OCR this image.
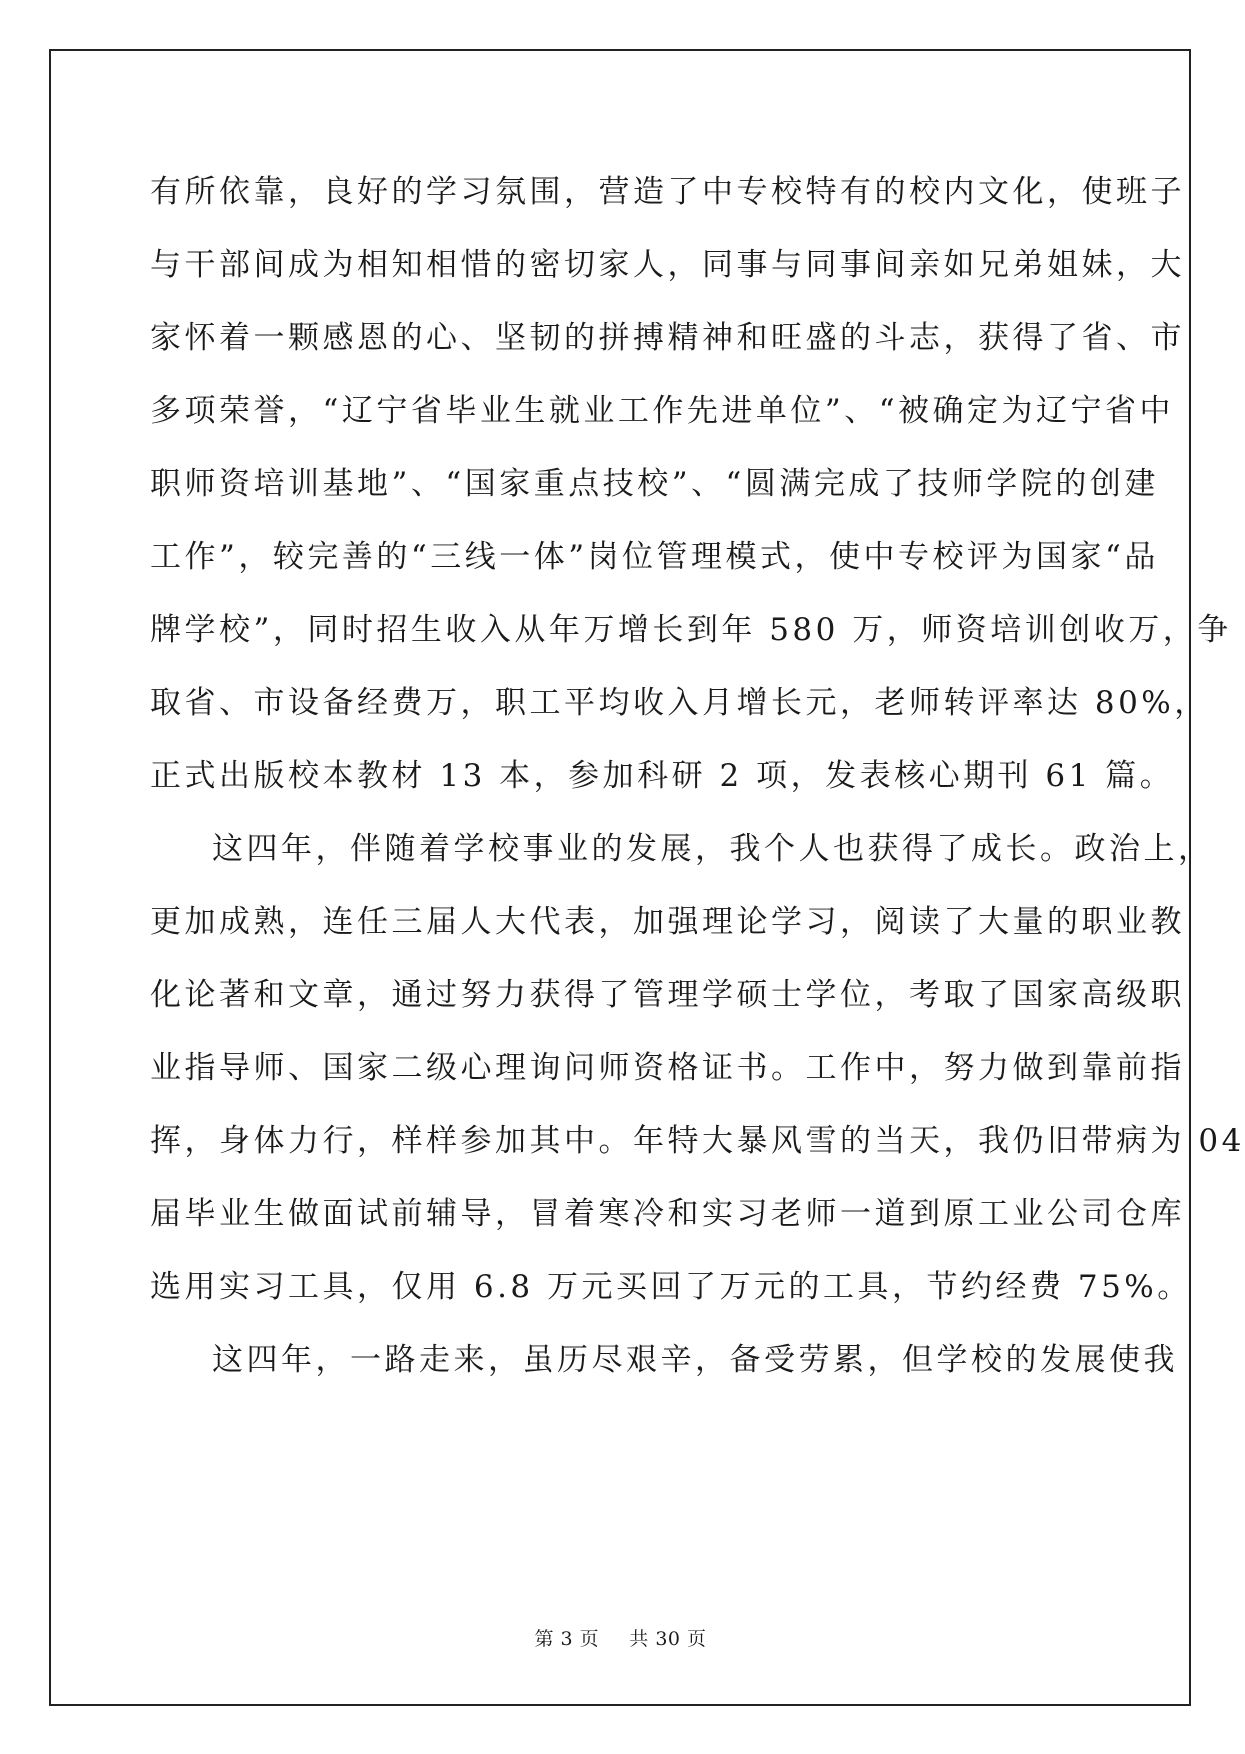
有所依靠，良好的学习氛围，营造了中专校特有的校内文化，使班子
与干部间成为相知相惜的密切家人，同事与同事间亲如兄弟姐妹，大
家怀着一颗感恩的心、坚韧的拼搏精神和旺盛的斗志，获得了省、市
多项荣誉，“辽宁省毕业生就业工作先进单位”、“被确定为辽宁省中
职师资培训基地”、“国家重点技校”、“圆满完成了技师学院的创建
工作”，较完善的“三线一体”岗位管理模式，使中专校评为国家“品
牌学校”，同时招生收入从年万增长到年 580 万，师资培训创收万，争
取省、市设备经费万，职工平均收入月增长元，老师转评率达 80%，
正式出版校本教材 13 本，参加科研 2 项，发表核心期刊 61 篇。
这四年，伴随着学校事业的发展，我个人也获得了成长。政治上，
更加成熟，连任三届人大代表，加强理论学习，阅读了大量的职业教
化论著和文章，通过努力获得了管理学硕士学位，考取了国家高级职
业指导师、国家二级心理询问师资格证书。工作中，努力做到靠前指
挥，身体力行，样样参加其中。年特大暴风雪的当天，我仍旧带病为 04
届毕业生做面试前辅导，冒着寒冷和实习老师一道到原工业公司仓库
选用实习工具，仅用 6.8 万元买回了万元的工具，节约经费 75%。
这四年，一路走来，虽历尽艰辛，备受劳累，但学校的发展使我
第 3 页 共 30 页
